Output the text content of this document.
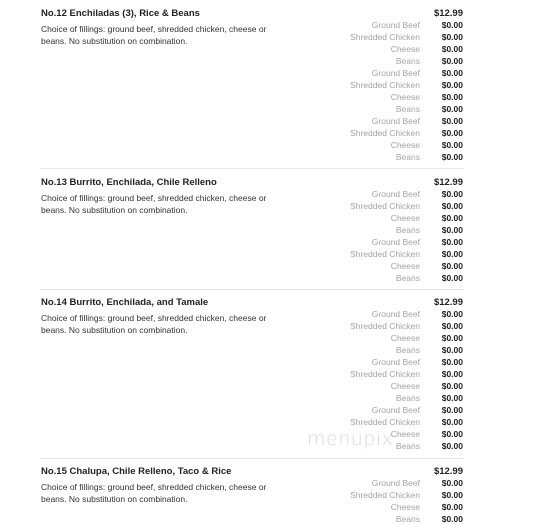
No.12 Enchiladas (3), Rice & Beans	$12.99
Choice of fillings: ground beef, shredded chicken, cheese or beans. No substitution on combination.
Ground Beef	$0.00
Shredded Chicken	$0.00
Cheese	$0.00
Beans	$0.00
Ground Beef	$0.00
Shredded Chicken	$0.00
Cheese	$0.00
Beans	$0.00
Ground Beef	$0.00
Shredded Chicken	$0.00
Cheese	$0.00
Beans	$0.00
No.13 Burrito, Enchilada, Chile Relleno	$12.99
Choice of fillings: ground beef, shredded chicken, cheese or beans. No substitution on combination.
Ground Beef	$0.00
Shredded Chicken	$0.00
Cheese	$0.00
Beans	$0.00
Ground Beef	$0.00
Shredded Chicken	$0.00
Cheese	$0.00
Beans	$0.00
No.14 Burrito, Enchilada, and Tamale	$12.99
Choice of fillings: ground beef, shredded chicken, cheese or beans. No substitution on combination.
Ground Beef	$0.00
Shredded Chicken	$0.00
Cheese	$0.00
Beans	$0.00
Ground Beef	$0.00
Shredded Chicken	$0.00
Cheese	$0.00
Beans	$0.00
Ground Beef	$0.00
Shredded Chicken	$0.00
Cheese	$0.00
Beans	$0.00
No.15 Chalupa, Chile Relleno, Taco & Rice	$12.99
Choice of fillings: ground beef, shredded chicken, cheese or beans. No substitution on combination.
Ground Beef	$0.00
Shredded Chicken	$0.00
Cheese	$0.00
Beans	$0.00
menupix
